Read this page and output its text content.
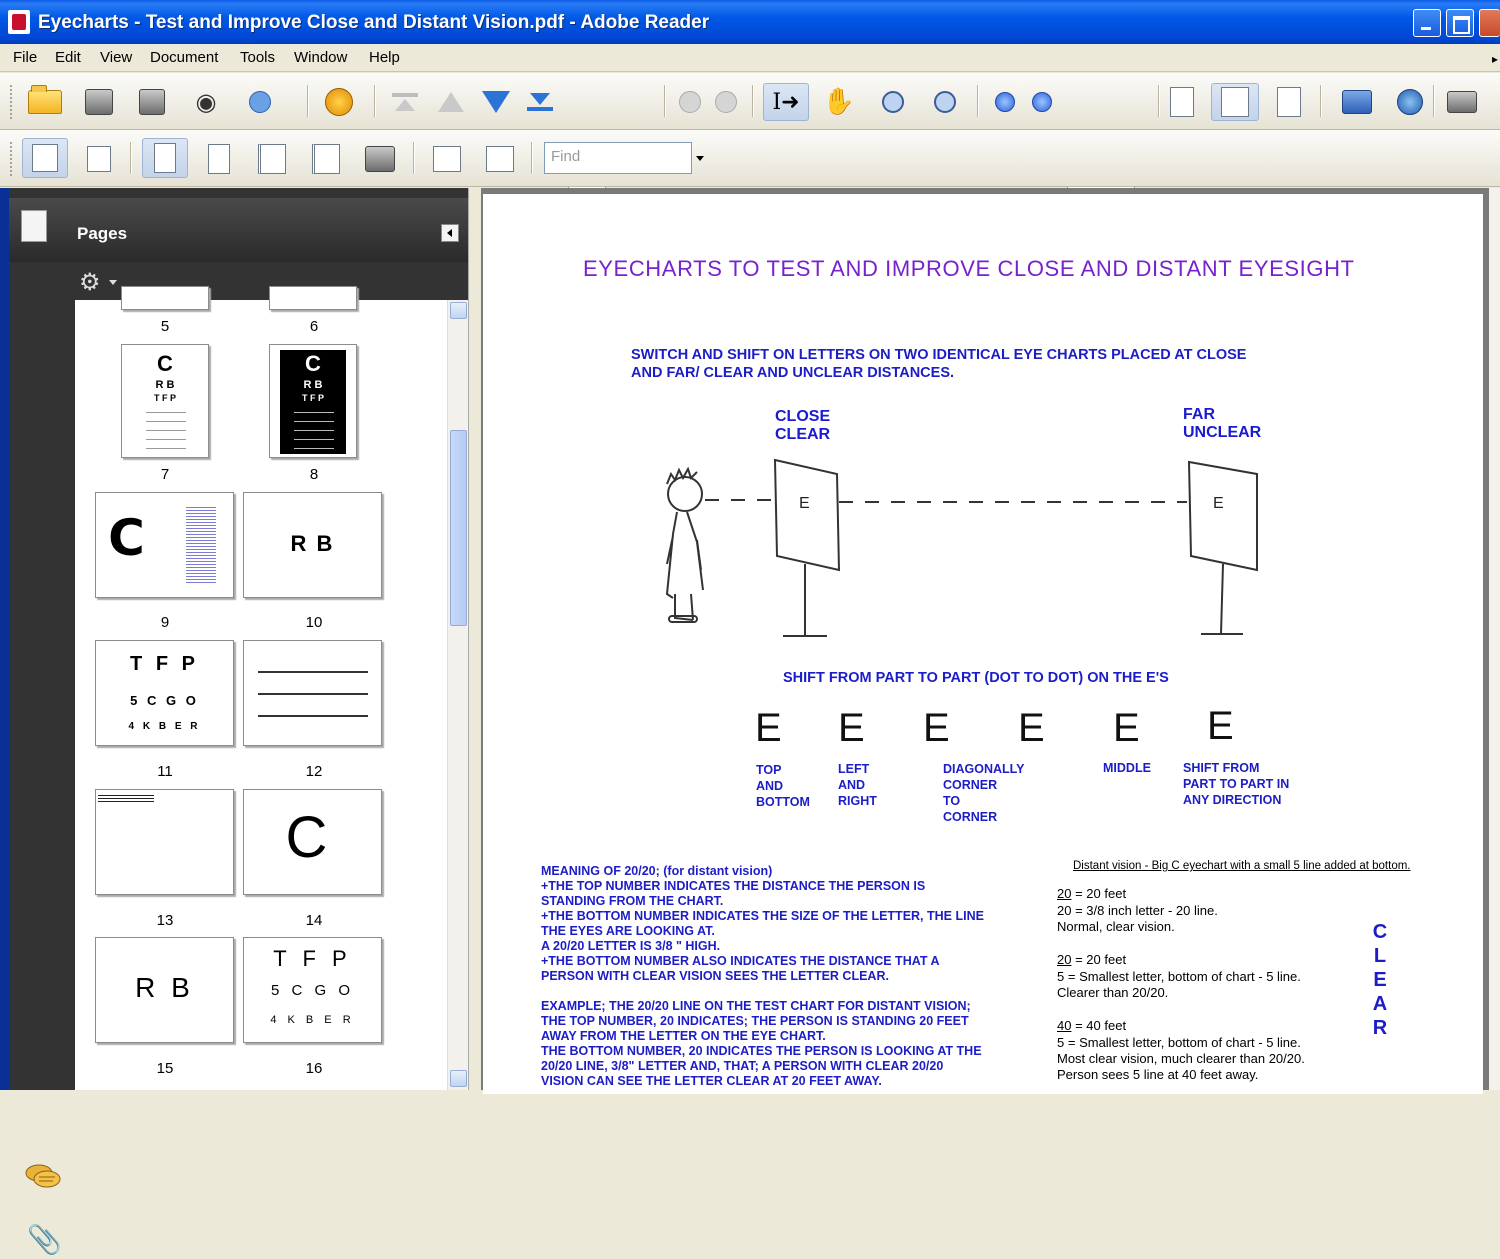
Eyecharts - Test and Improve Close and Distant Vision.pdf - Adobe Reader
File Edit View Document Tools Window Help	▸
◉	I➜ ✋
Find
Pages
⚙
5	6
C
R B
T F P
C
R B
T F P
7	8
C	R B
9	10
T F P
5 C G O
4 K B E R
11	12
C
13	14
R B
T F P
5 C G O
4 K B E R
15	16
📎
EYECHARTS TO TEST AND IMPROVE CLOSE AND DISTANT EYESIGHT
SWITCH AND SHIFT ON LETTERS ON TWO IDENTICAL EYE CHARTS PLACED AT CLOSE
AND FAR/ CLEAR AND UNCLEAR DISTANCES.
CLOSE
CLEAR
FAR
UNCLEAR
E	E
SHIFT FROM PART TO PART (DOT TO DOT) ON THE E'S
E E E E E E
TOP
AND
BOTTOM
LEFT
AND
RIGHT
DIAGONALLY
CORNER
TO
CORNER
MIDDLE	SHIFT FROM
PART TO PART IN
ANY DIRECTION
MEANING OF 20/20; (for distant vision)
+THE TOP NUMBER INDICATES THE DISTANCE THE PERSON IS
STANDING FROM THE CHART.
+THE BOTTOM NUMBER INDICATES THE SIZE OF THE LETTER, THE LINE
THE EYES ARE LOOKING AT.
A 20/20 LETTER IS 3/8 " HIGH.
+THE BOTTOM NUMBER ALSO INDICATES THE DISTANCE THAT A
PERSON WITH CLEAR VISION SEES THE LETTER CLEAR.

EXAMPLE; THE 20/20 LINE ON THE TEST CHART FOR DISTANT VISION;
THE TOP NUMBER, 20 INDICATES; THE PERSON IS STANDING 20 FEET
AWAY FROM THE LETTER ON THE EYE CHART.
THE BOTTOM NUMBER, 20 INDICATES THE PERSON IS LOOKING AT THE
20/20 LINE, 3/8" LETTER AND, THAT; A PERSON WITH CLEAR 20/20
VISION CAN SEE THE LETTER CLEAR AT 20 FEET AWAY.
Distant vision - Big C eyechart with a small 5 line added at bottom.
20 = 20 feet
20 = 3/8 inch letter - 20 line.
Normal, clear vision.
20 = 20 feet
5 = Smallest letter, bottom of chart - 5 line.
Clearer than 20/20.
40 = 40 feet
5 = Smallest letter, bottom of chart - 5 line.
Most clear vision, much clearer than 20/20.
Person sees 5 line at 40 feet away.
C
L
E
A
R
